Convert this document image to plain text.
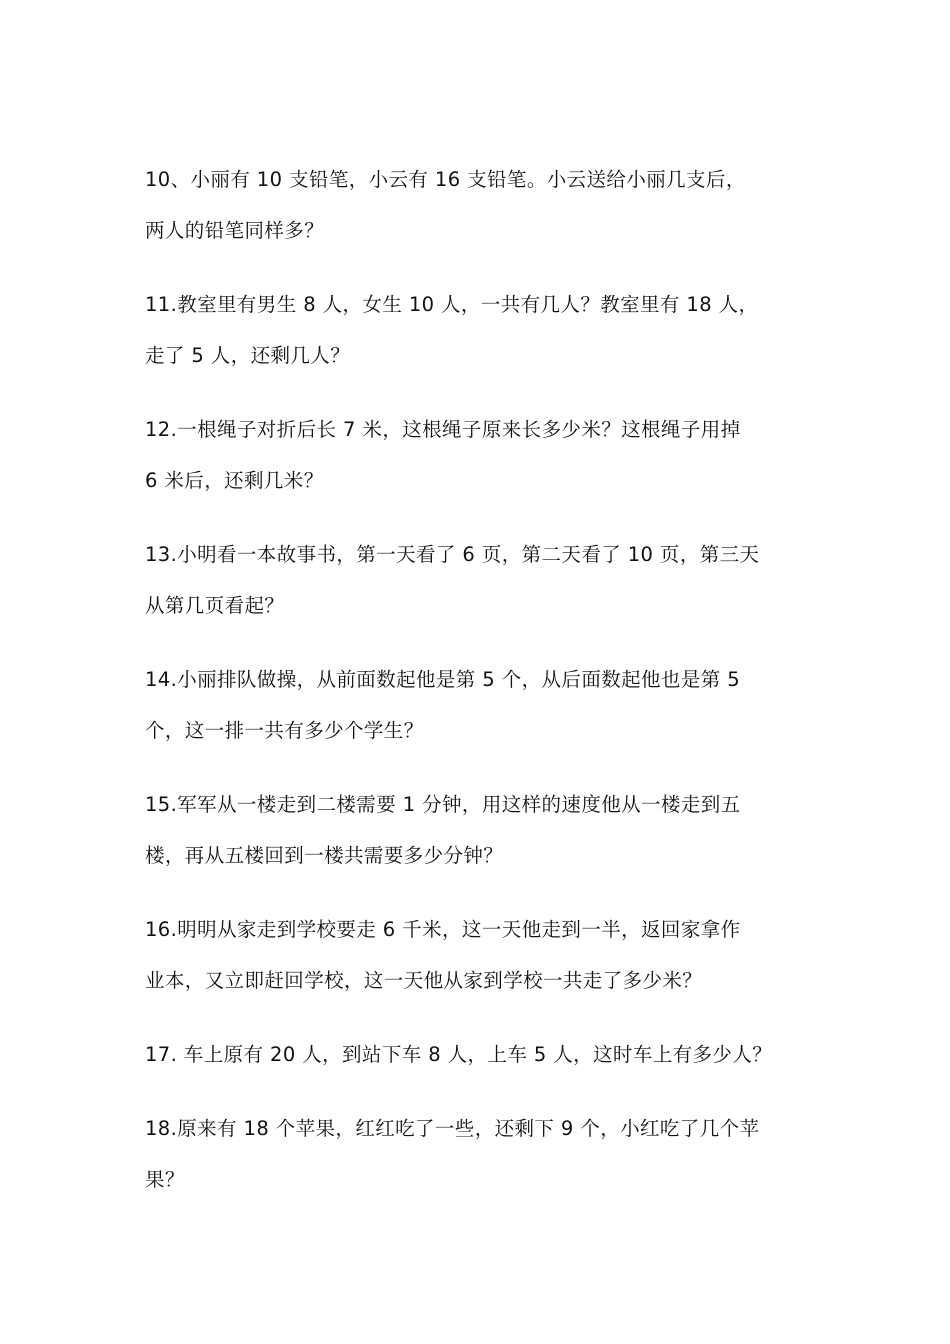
10、小丽有 10 支铅笔，小云有 16 支铅笔。小云送给小丽几支后，
两人的铅笔同样多？
11.教室里有男生 8 人，女生 10 人，一共有几人？教室里有 18 人，
走了 5 人，还剩几人？
12.一根绳子对折后长 7 米，这根绳子原来长多少米？这根绳子用掉
6 米后，还剩几米？
13.小明看一本故事书，第一天看了 6 页，第二天看了 10 页，第三天
从第几页看起？
14.小丽排队做操，从前面数起他是第 5 个，从后面数起他也是第 5
个，这一排一共有多少个学生？
15.军军从一楼走到二楼需要 1 分钟，用这样的速度他从一楼走到五
楼，再从五楼回到一楼共需要多少分钟？
16.明明从家走到学校要走 6 千米，这一天他走到一半，返回家拿作
业本，又立即赶回学校，这一天他从家到学校一共走了多少米？
17. 车上原有 20 人，到站下车 8 人，上车 5 人，这时车上有多少人？
18.原来有 18 个苹果，红红吃了一些，还剩下 9 个，小红吃了几个苹
果？
